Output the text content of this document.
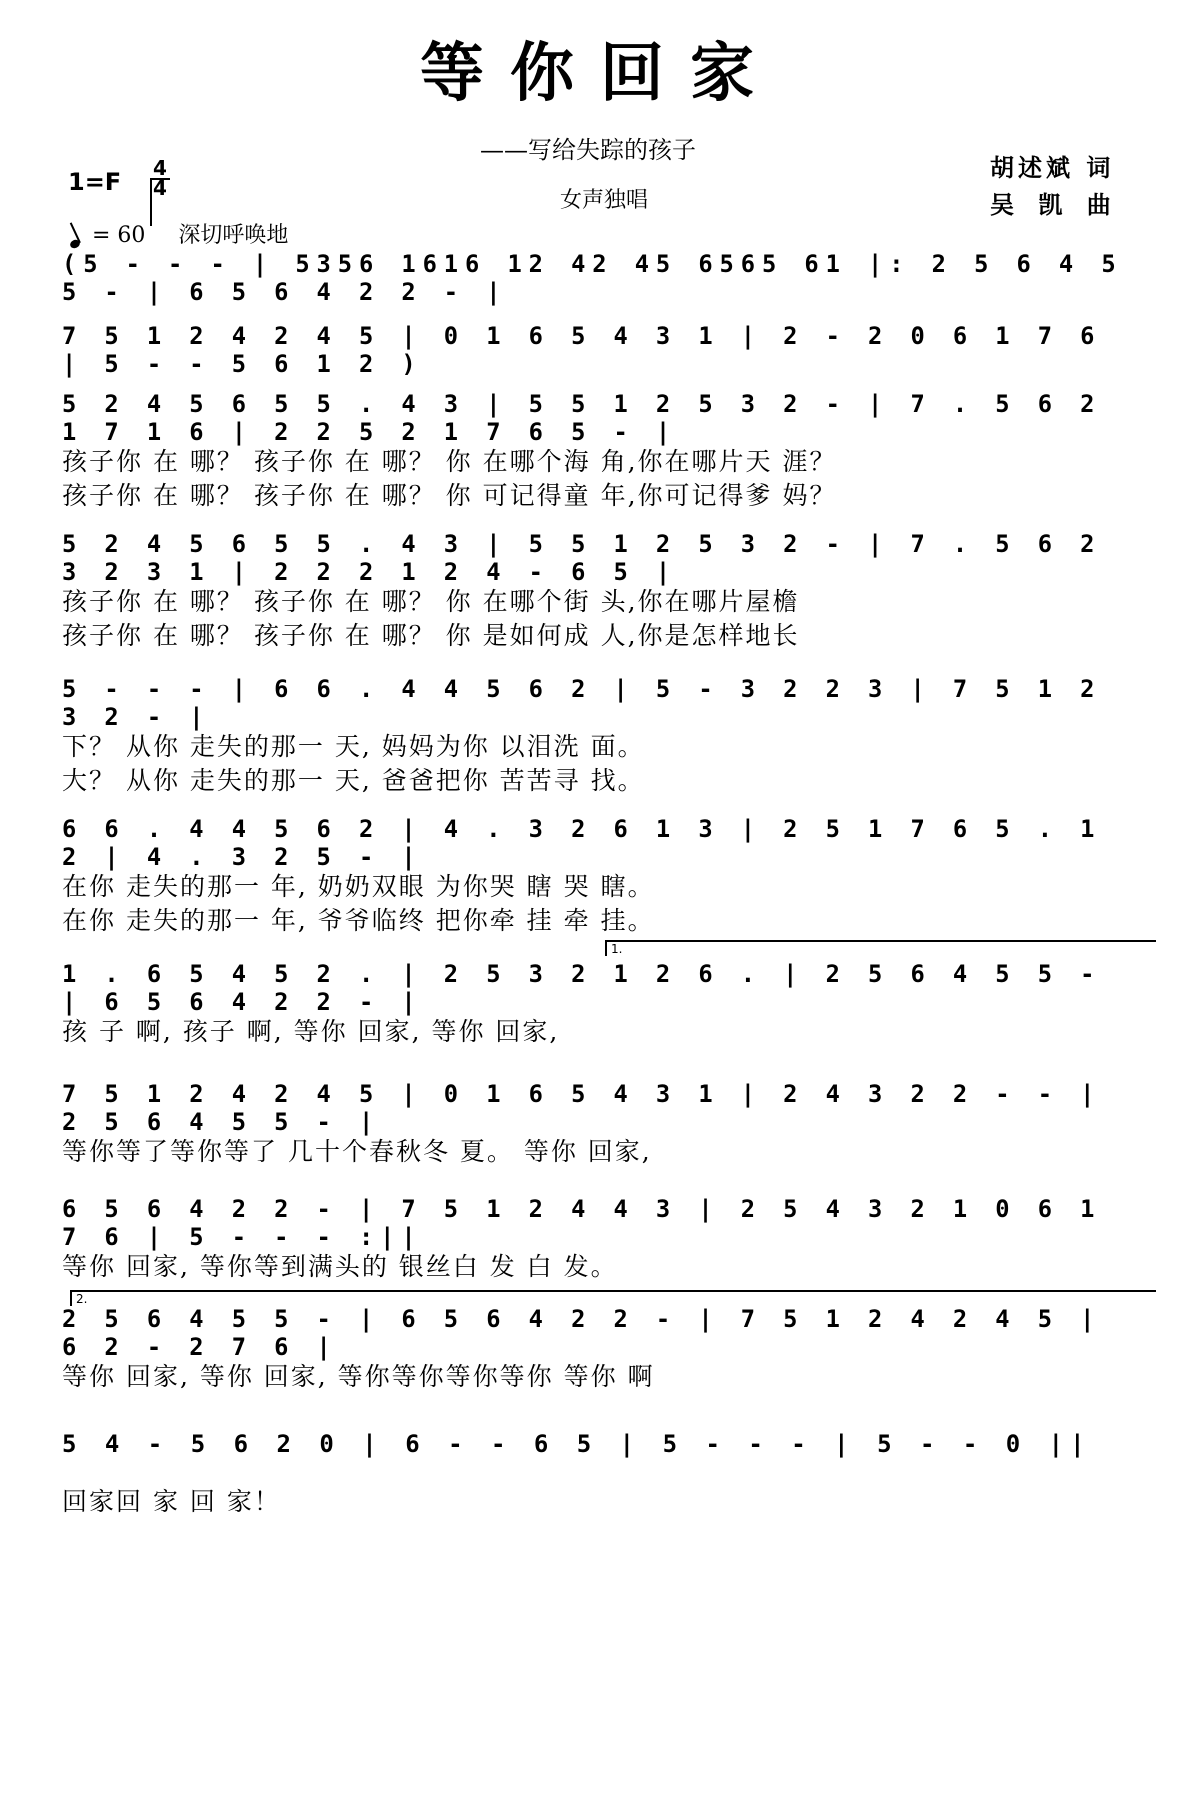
等你回家
——写给失踪的孩子
女声独唱
胡述斌 词
吴 凯 曲
1=F 4
4
= 60 深切呼唤地
(5 - - - | 5356 1616 12 42 45 6565 61 |: 2 5 6 4 5 5 - | 6 5 6 4 2 2 - |
7 5 1 2 4 2 4 5 | 0 1 6 5 4 3 1 | 2 - 2 0 6 1 7 6 | 5 - - 5 6 1 2 )
5 2 4 5 6 5 5 . 4 3 | 5 5 1 2 5 3 2 - | 7 . 5 6 2 1 7 1 6 | 2 2 5 2 1 7 6 5 - |
孩子你 在 哪？ 孩子你 在 哪？ 你 在哪个海 角,你在哪片天 涯？
孩子你 在 哪？ 孩子你 在 哪？ 你 可记得童 年,你可记得爹 妈？
5 2 4 5 6 5 5 . 4 3 | 5 5 1 2 5 3 2 - | 7 . 5 6 2 3 2 3 1 | 2 2 2 1 2 4 - 6 5 |
孩子你 在 哪？ 孩子你 在 哪？ 你 在哪个街 头,你在哪片屋檐
孩子你 在 哪？ 孩子你 在 哪？ 你 是如何成 人,你是怎样地长
5 - - - | 6 6 . 4 4 5 6 2 | 5 - 3 2 2 3 | 7 5 1 2 3 2 - |
下？ 从你 走失的那一 天, 妈妈为你 以泪洗 面。
大？ 从你 走失的那一 天, 爸爸把你 苦苦寻 找。
6 6 . 4 4 5 6 2 | 4 . 3 2 6 1 3 | 2 5 1 7 6 5 . 1 2 | 4 . 3 2 5 - |
在你 走失的那一 年, 奶奶双眼 为你哭 瞎 哭 瞎。
在你 走失的那一 年, 爷爷临终 把你牵 挂 牵 挂。
1 . 6 5 4 5 2 . | 2 5 3 2 1 2 6 . | 2 5 6 4 5 5 - | 6 5 6 4 2 2 - |
孩 子 啊, 孩子 啊, 等你 回家, 等你 回家,
7 5 1 2 4 2 4 5 | 0 1 6 5 4 3 1 | 2 4 3 2 2 - - | 2 5 6 4 5 5 - |
等你等了等你等了 几十个春秋冬 夏。 等你 回家,
6 5 6 4 2 2 - | 7 5 1 2 4 4 3 | 2 5 4 3 2 1 0 6 1 7 6 | 5 - - - :||
等你 回家, 等你等到满头的 银丝白 发 白 发。
2 5 6 4 5 5 - | 6 5 6 4 2 2 - | 7 5 1 2 4 2 4 5 | 6 2 - 2 7 6 |
等你 回家, 等你 回家, 等你等你等你等你 等你 啊
5 4 - 5 6 2 0 | 6 - - 6 5 | 5 - - - | 5 - - 0 ||
回家回 家 回 家！
1.
2.
